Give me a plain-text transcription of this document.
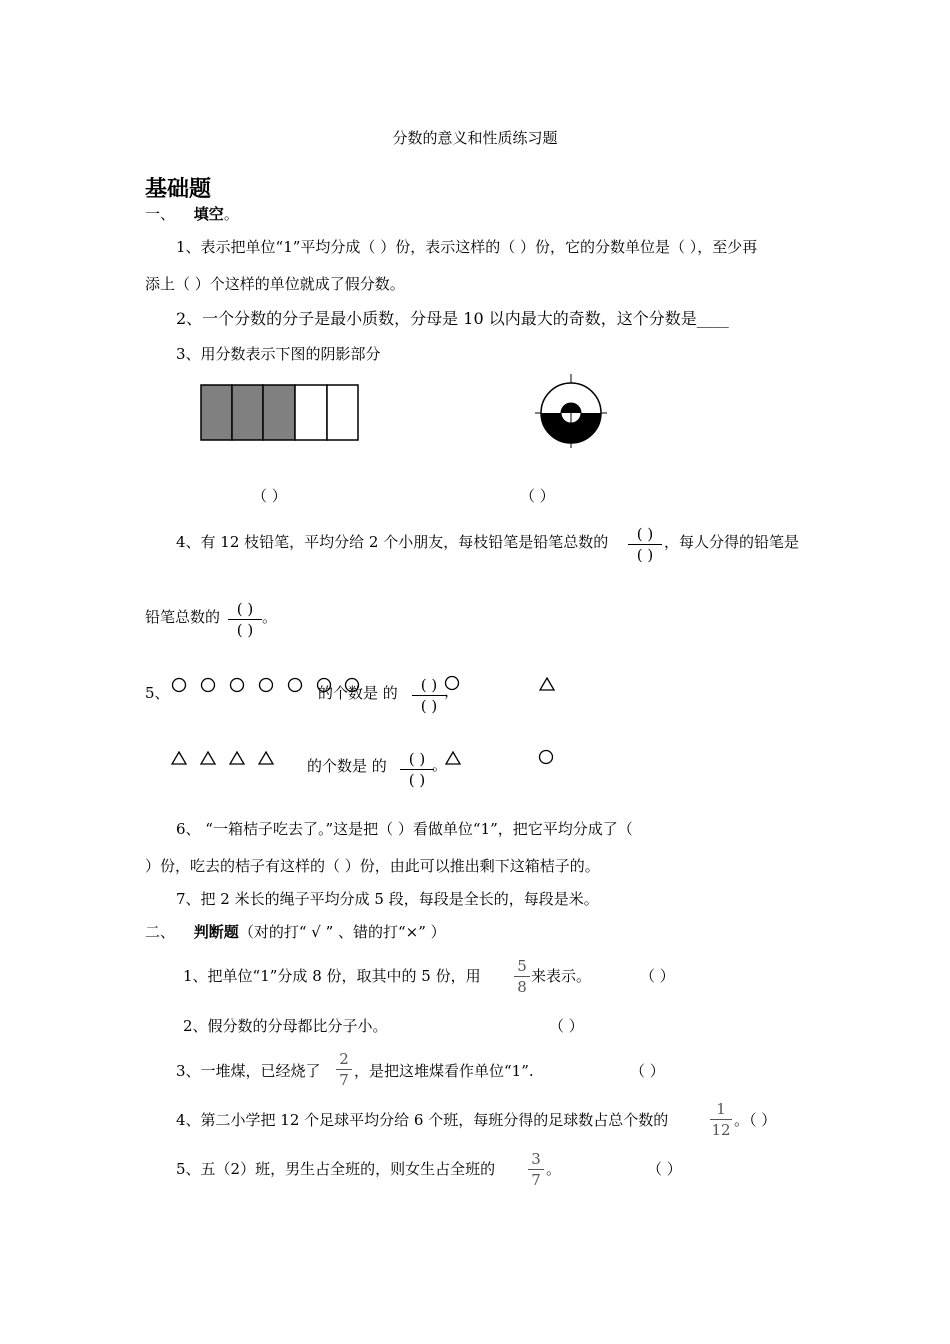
分数的意义和性质练习题
基础题
一、 填空。
1、表示把单位“1”平均分成（ ）份，表示这样的（ ）份，它的分数单位是（ ），至少再
添上（ ）个这样的单位就成了假分数。
2、一个分数的分子是最小质数，分母是 10 以内最大的奇数，这个分数是____
3、用分数表示下图的阴影部分
（ ）	（ ）
4、有 12 枝铅笔，平均分给 2 个小朋友，每枝铅笔是铅笔总数的	( )
( )
，每人分得的铅笔是
铅笔总数的	( )
( )
。
5、	的个数是 的	( )
( )
，
的个数是 的	( )
( )
。
6、 “一箱桔子吃去了。”这是把（ ）看做单位“1”，把它平均分成了（
）份，吃去的桔子有这样的（ ）份，由此可以推出剩下这箱桔子的。
7、把 2 米长的绳子平均分成 5 段，每段是全长的，每段是米。
二、 判断题（对的打“ √ ” 、错的打“×” ）
1、把单位“1”分成 8 份，取其中的 5 份，用
5
8
来表示。	（ ）
2、假分数的分母都比分子小。	（ ）
3、一堆煤，已经烧了
2
7 ，是把这堆煤看作单位“1”.	（ ）
4、第二小学把 12 个足球平均分给 6 个班，每班分得的足球数占总个数的
1
12
。（ ）
5、五（2）班，男生占全班的，则女生占全班的
3
7
。	（ ）
